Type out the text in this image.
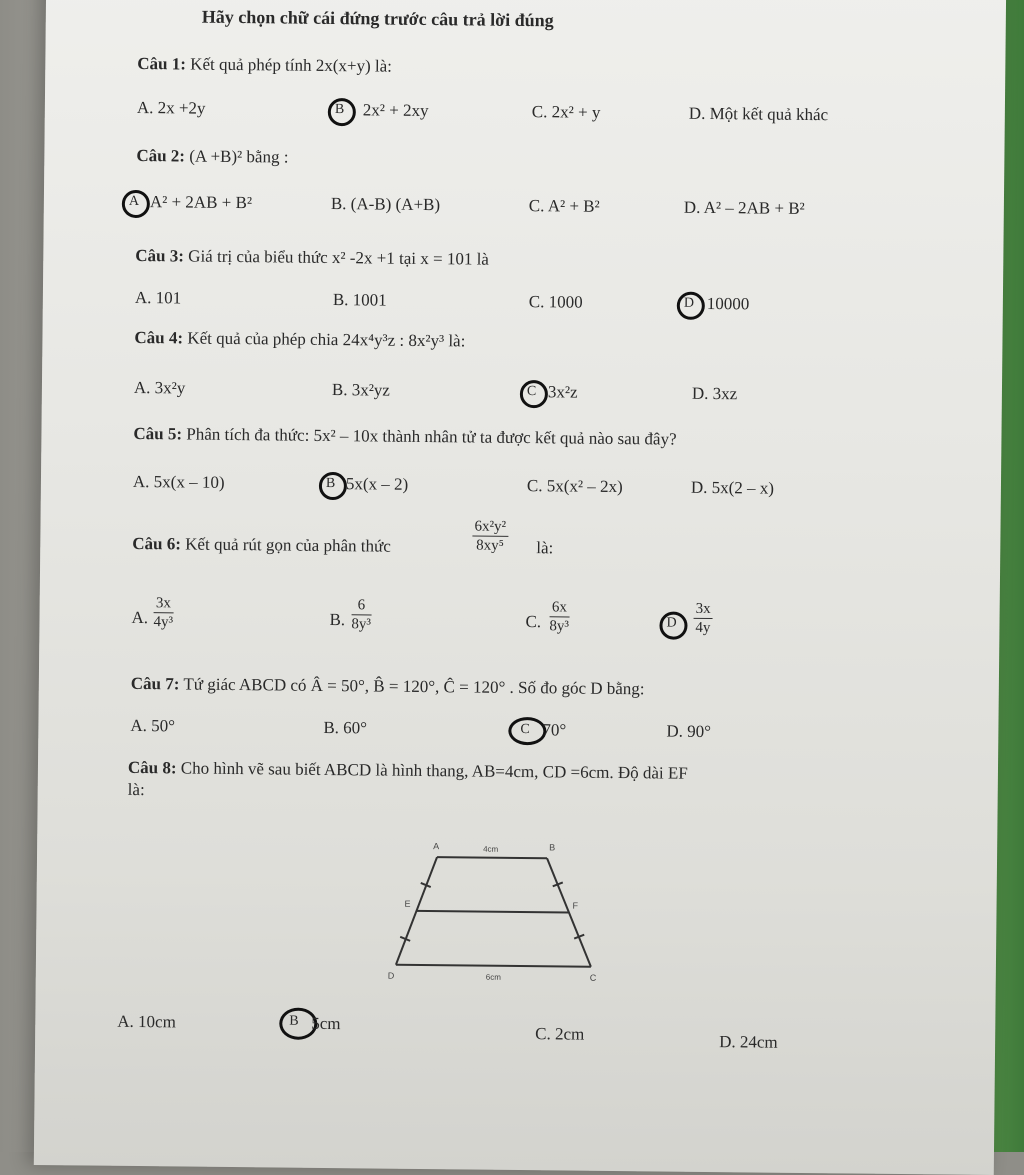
Hãy chọn chữ cái đứng trước câu trả lời đúng
Câu 1: Kết quả phép tính 2x(x+y) là:
A. 2x +2y	B 2x² + 2xy	C. 2x² + y	D. Một kết quả khác
Câu 2: (A +B)² bằng :
A A² + 2AB + B²	B. (A-B) (A+B)	C. A² + B²	D. A² – 2AB + B²
Câu 3: Giá trị của biểu thức x² -2x +1 tại x = 101 là
A. 101	B. 1001	C. 1000	D 10000
Câu 4: Kết quả của phép chia 24x⁴y³z : 8x²y³ là:
A. 3x²y	B. 3x²yz	C 3x²z	D. 3xz
Câu 5: Phân tích đa thức: 5x² – 10x thành nhân tử ta được kết quả nào sau đây?
A. 5x(x – 10)	B 5x(x – 2)	C. 5x(x² – 2x)	D. 5x(2 – x)
Câu 6: Kết quả rút gọn của phân thức	$\frac{\text{6x²y²}}{\text{8xy⁵}}$ là:
A. $\frac{3x}{\text{4y³}}$	B. $\frac{6}{\text{8y³}}$	C. $\frac{6x}{\text{8y³}}$	D $\frac{3x}{4y}$
Câu 7: Tứ giác ABCD có Â = 50°, B̂ = 120°, Ĉ = 120° . Số đo góc D bằng:
A. 50°	B. 60°	C 70°	D. 90°
Câu 8: Cho hình vẽ sau biết ABCD là hình thang, AB=4cm, CD =6cm. Độ dài EF
là:
A	B
D	C
E	F
4cm
6cm
A. 10cm	B 5cm
C. 2cm	D. 24cm
